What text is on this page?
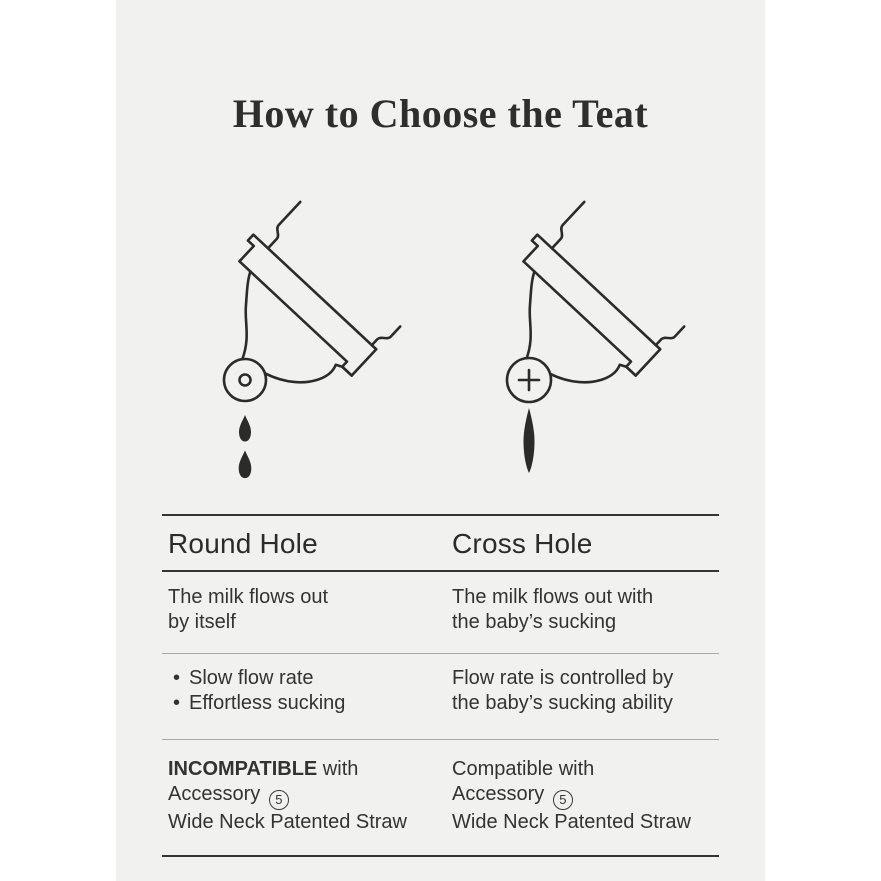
How to Choose the Teat
Round Hole	Cross Hole
The milk flows out
by itself
The milk flows out with
the baby’s sucking
• Slow flow rate
• Effortless sucking
Flow rate is controlled by
the baby’s sucking ability
INCOMPATIBLE with
Accessory 5
Wide Neck Patented Straw
Compatible with
Accessory 5
Wide Neck Patented Straw
